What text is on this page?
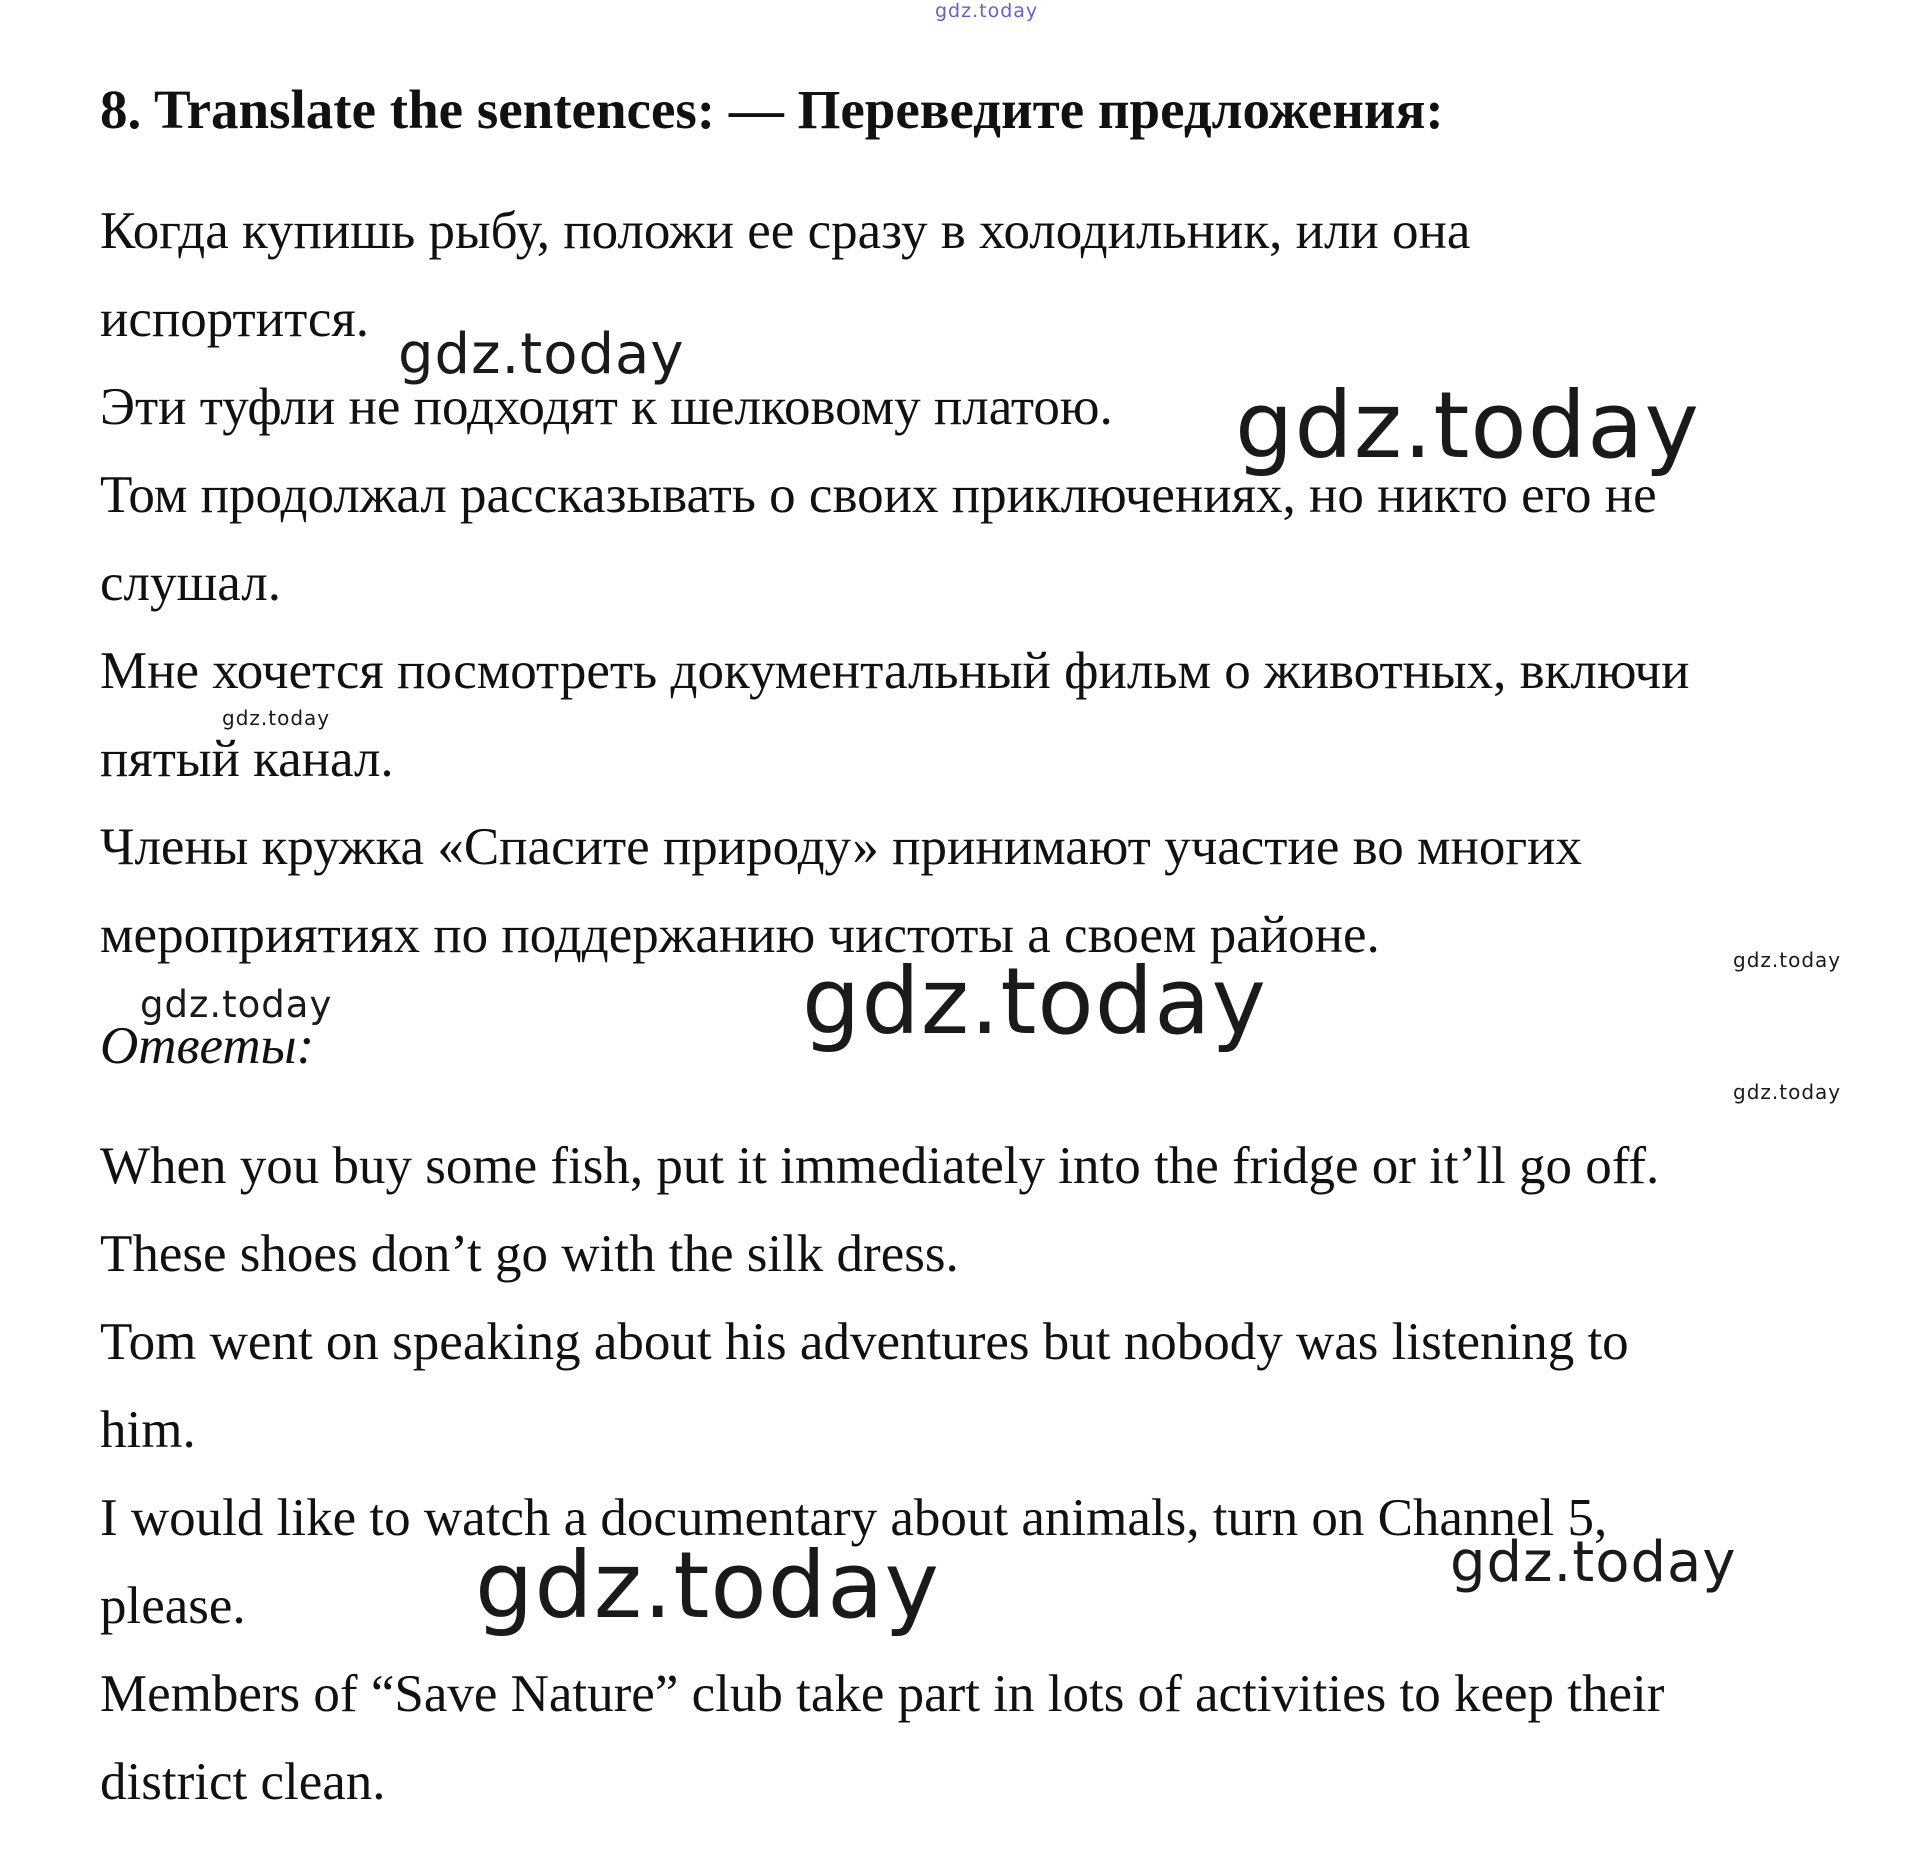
gdz.today
8. Translate the sentences: — Переведите предложения:
Когда купишь рыбу, положи ее сразу в холодильник, или она
испортится.
Эти туфли не подходят к шелковому платою.
Том продолжал рассказывать о своих приключениях, но никто его не
слушал.
Мне хочется посмотреть документальный фильм о животных, включи
пятый канал.
Члены кружка «Спасите природу» принимают участие во многих
мероприятиях по поддержанию чистоты а своем районе.
Ответы:
When you buy some fish, put it immediately into the fridge or it’ll go off.
These shoes don’t go with the silk dress.
Tom went on speaking about his adventures but nobody was listening to
him.
I would like to watch a documentary about animals, turn on Channel 5,
please.
Members of “Save Nature” club take part in lots of activities to keep their
district clean.
gdz.today
gdz.today
gdz.today
gdz.today
gdz.today	gdz.today
gdz.today
gdz.today	gdz.today
